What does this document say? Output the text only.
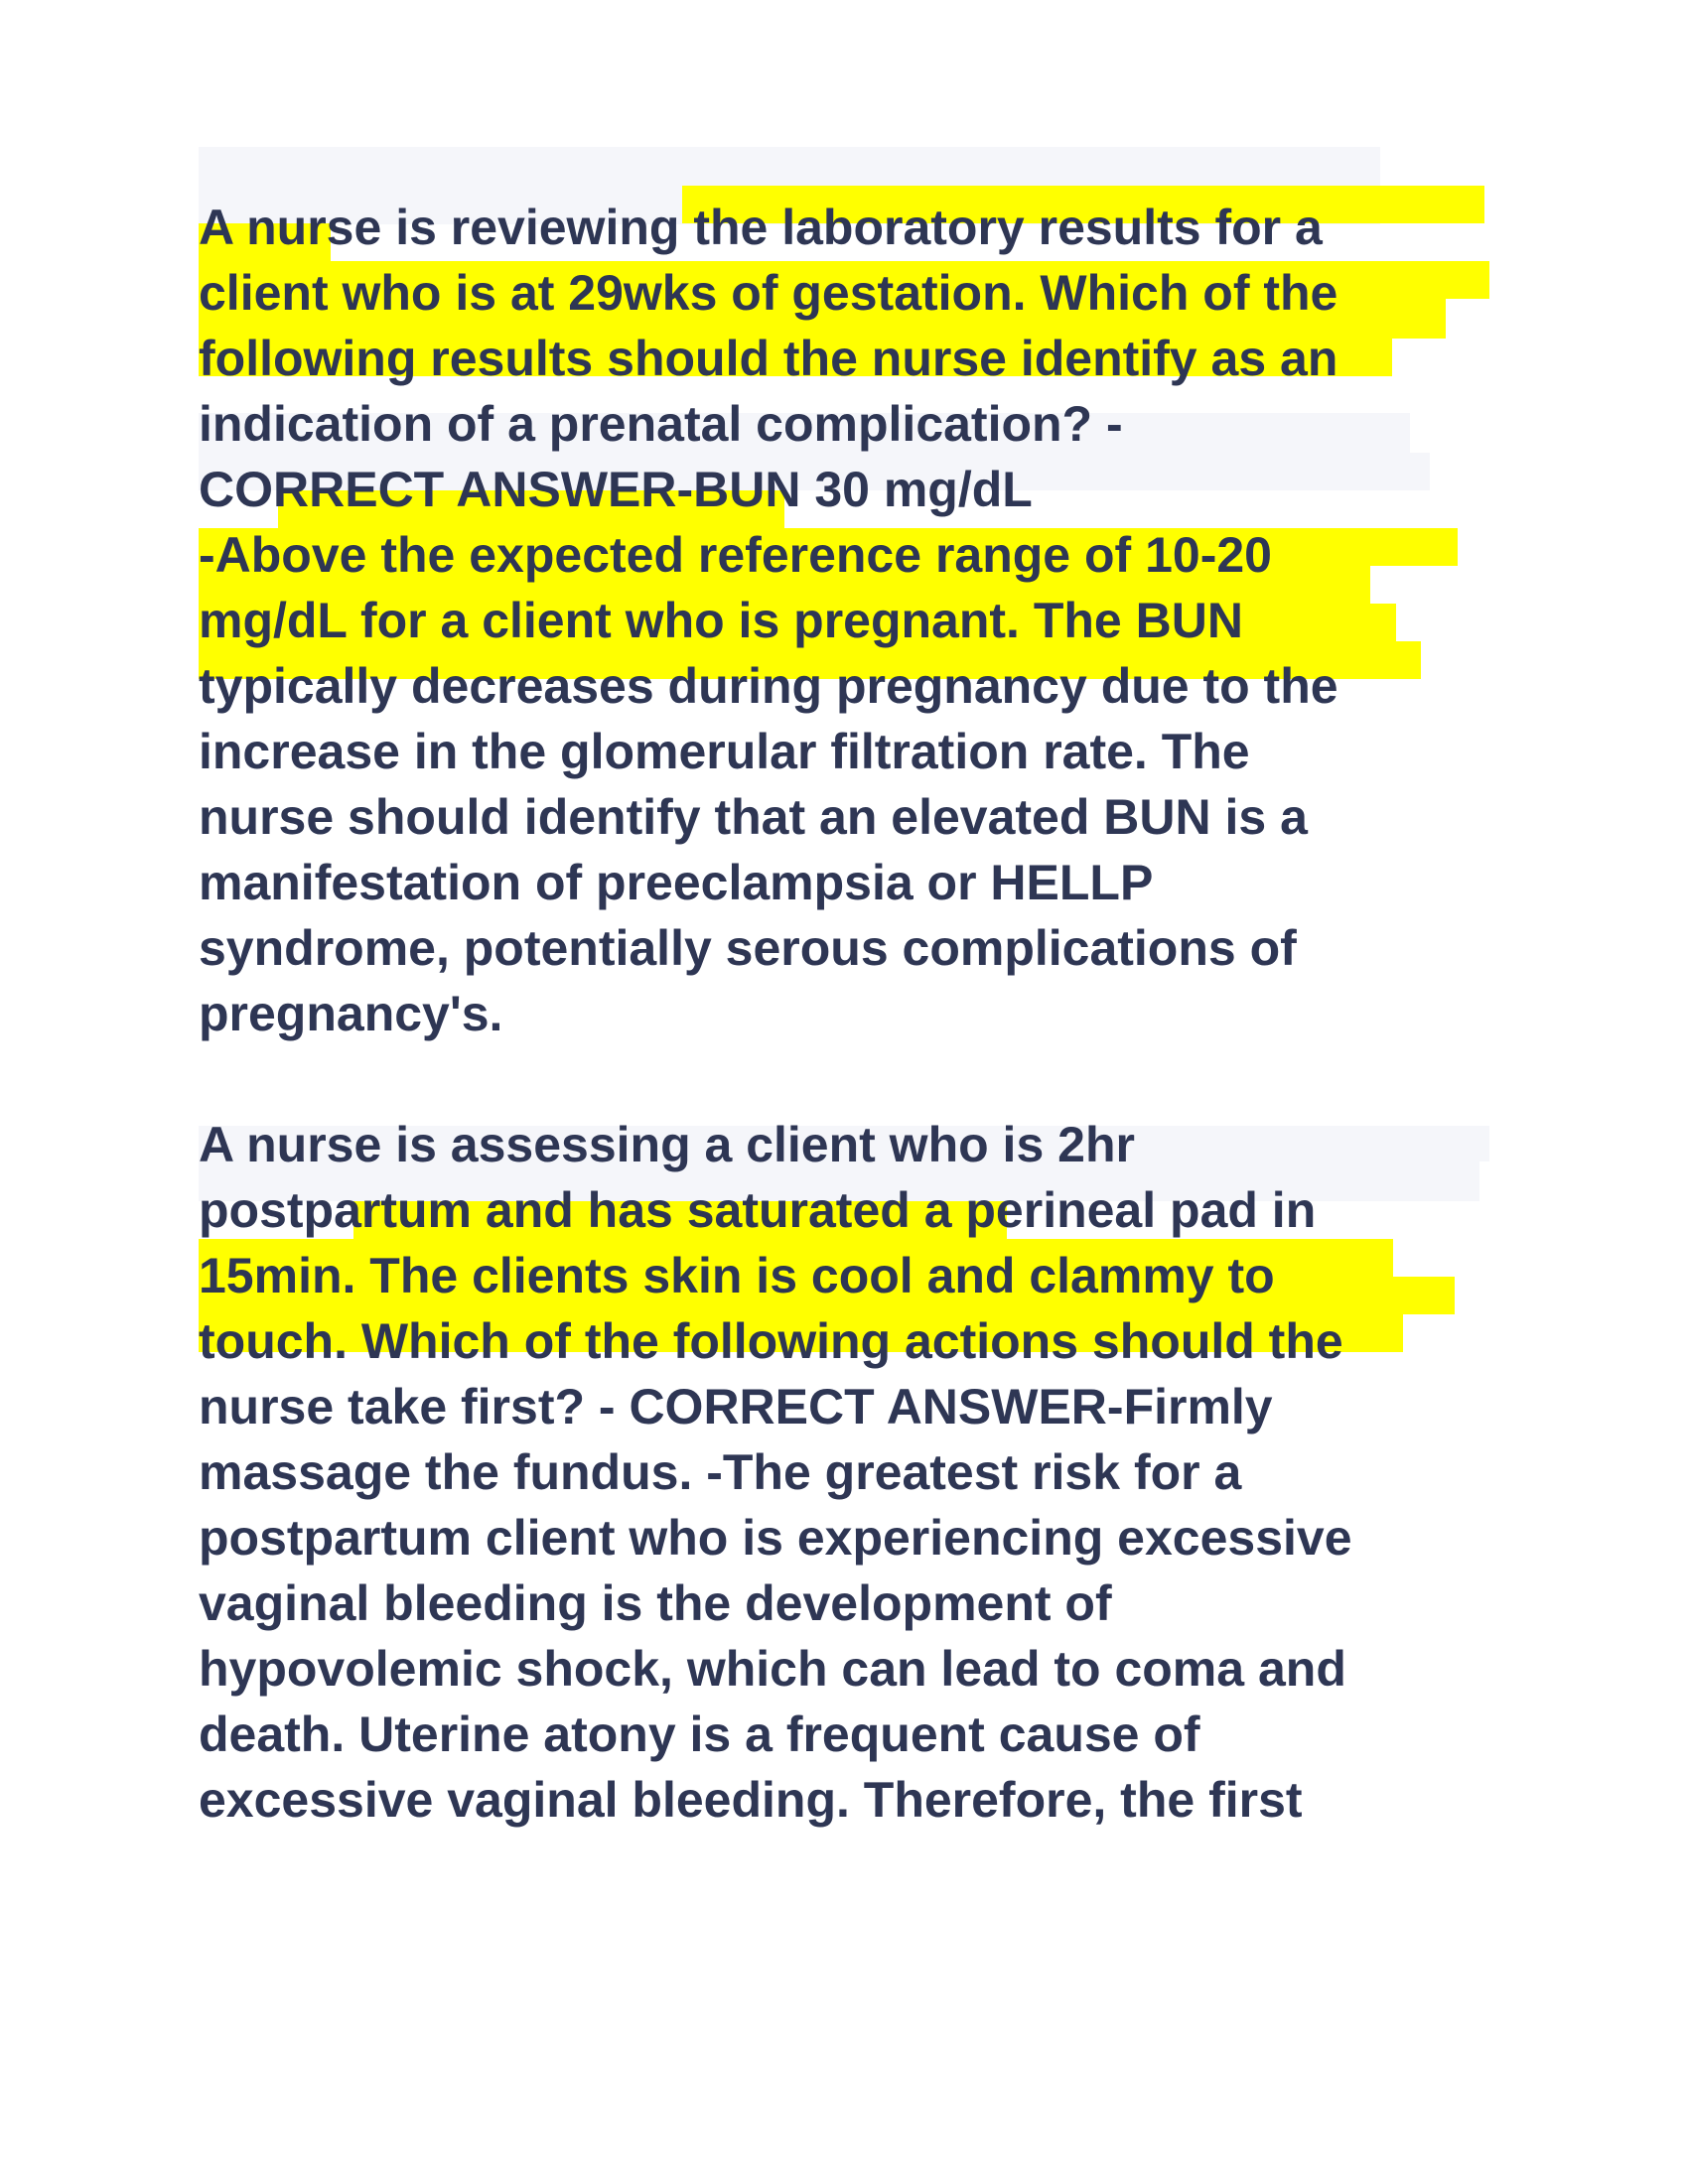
A nurse is reviewing the laboratory results for a
client who is at 29wks of gestation. Which of the
following results should the nurse identify as an
indication of a prenatal complication? -
CORRECT ANSWER-BUN 30 mg/dL
-Above the expected reference range of 10-20
mg/dL for a client who is pregnant. The BUN
typically decreases during pregnancy due to the
increase in the glomerular filtration rate. The
nurse should identify that an elevated BUN is a
manifestation of preeclampsia or HELLP
syndrome, potentially serous complications of
pregnancy's.
A nurse is assessing a client who is 2hr
postpartum and has saturated a perineal pad in
15min. The clients skin is cool and clammy to
touch. Which of the following actions should the
nurse take first? - CORRECT ANSWER-Firmly
massage the fundus. -The greatest risk for a
postpartum client who is experiencing excessive
vaginal bleeding is the development of
hypovolemic shock, which can lead to coma and
death. Uterine atony is a frequent cause of
excessive vaginal bleeding. Therefore, the first
